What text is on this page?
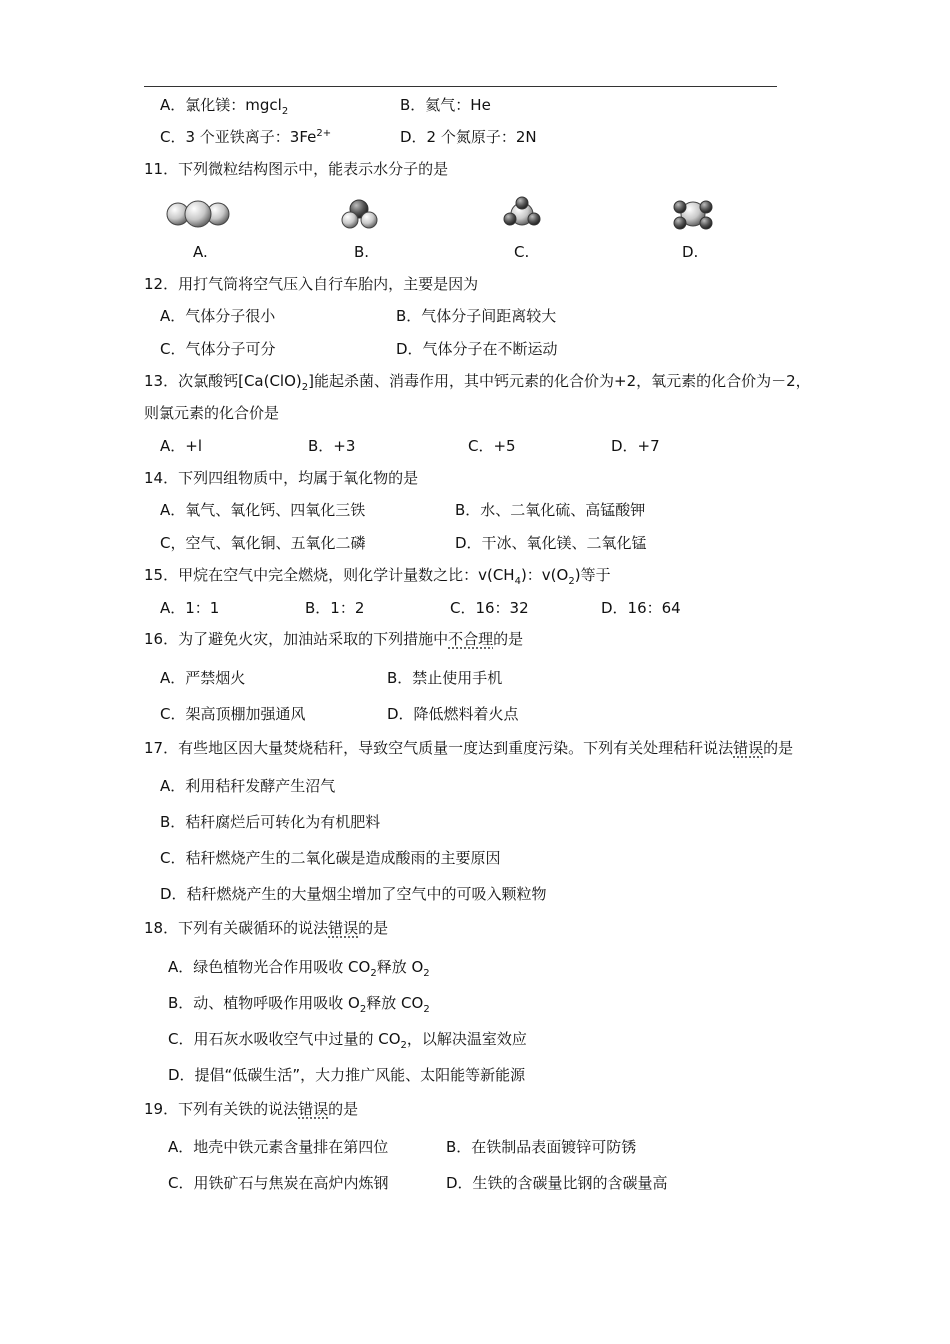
A．氯化镁：mgcl$_2$	B．氦气：He
C．3 个亚铁离子：$3Fe^{2+}$	D．2 个氮原子：2N
11．下列微粒结构图示中，能表示水分子的是
A.	B.	C.	D.
12．用打气筒将空气压入自行车胎内，主要是因为
A．气体分子很小	B．气体分子间距离较大
C．气体分子可分	D．气体分子在不断运动
13．次氯酸钙$[Ca(ClO)_2]$能起杀菌、消毒作用，其中钙元素的化合价为+2，氧元素的化合价为－2，
则氯元素的化合价是
A．+l	B．+3	C．+5	D．+7
14．下列四组物质中，均属于氧化物的是
A．氧气、氧化钙、四氧化三铁	B．水、二氧化硫、高锰酸钾
C，空气、氧化铜、五氧化二磷	D．干冰、氧化镁、二氧化锰
15．甲烷在空气中完全燃烧，则化学计量数之比：$v(CH_4)$：$v(O_2)$等于
A．1：1	B．1：2	C．16：32	D．16：64
16．为了避免火灾，加油站采取的下列措施中不合理的是
A．严禁烟火	B．禁止使用手机
C．架高顶棚加强通风	D．降低燃料着火点
17．有些地区因大量焚烧秸秆，导致空气质量一度达到重度污染。下列有关处理秸秆说法错误的是
A．利用秸秆发酵产生沼气
B．秸秆腐烂后可转化为有机肥料
C．秸秆燃烧产生的二氧化碳是造成酸雨的主要原因
D．秸秆燃烧产生的大量烟尘增加了空气中的可吸入颗粒物
18．下列有关碳循环的说法错误的是
A．绿色植物光合作用吸收 $CO_2$释放 $O_2$
B．动、植物呼吸作用吸收 $O_2$释放 $CO_2$
C．用石灰水吸收空气中过量的 $CO_2$，以解决温室效应
D．提倡“低碳生活”，大力推广风能、太阳能等新能源
19．下列有关铁的说法错误的是
A．地壳中铁元素含量排在第四位	B．在铁制品表面镀锌可防锈
C．用铁矿石与焦炭在高炉内炼钢	D．生铁的含碳量比钢的含碳量高
